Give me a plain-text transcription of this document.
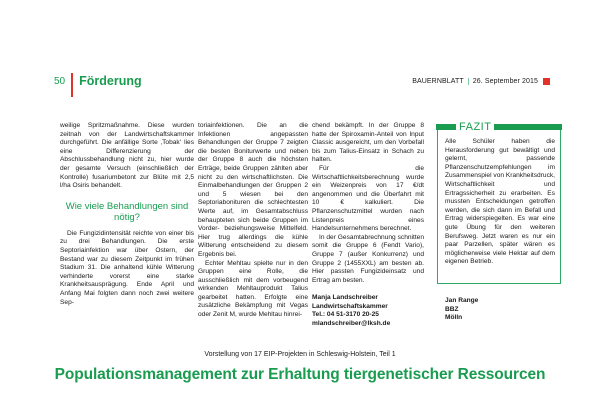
50 Förderung	BAUERNBLATT 26. September 2015

weilige Spritzmaßnahme. Diese wurden zeitnah von der Landwirtschaftskammer durchgeführt. Die anfällige Sorte ‚Tobak‘ lies eine Differenzierung der Abschlussbehandlung nicht zu, hier wurde der gesamte Versuch (einschließlich der Kontrolle) fusariumbetont zur Blüte mit 2,5 l/ha Osiris behandelt.

Wie viele Behandlungen sind nötig?

Die Fungizidintensität reichte von einer bis zu drei Behandlungen. Die erste Septoriainfektion war über Ostern, der Bestand war zu diesem Zeitpunkt im frühen Stadium 31. Die anhaltend kühle Witterung verhinderte vorerst eine starke Krankheitsausprägung. Ende April und Anfang Mai folgten dann noch zwei weitere Sep-

toriainfektionen. Die an die Infektionen angepassten Behandlungen der Gruppe 7 zeigten die besten Boniturwerte und neben der Gruppe 8 auch die höchsten Erträge, beide Gruppen zählten aber nicht zu den wirtschaftlichsten. Die Einmalbehandlungen der Gruppen 2 und 5 wiesen bei den Septoriabonituren die schlechtesten Werte auf, im Gesamtabschluss behaupteten sich beide Gruppen im Vorder- beziehungsweise Mittelfeld. Hier trug allerdings die kühle Witterung entscheidend zu diesem Ergebnis bei.

Echter Mehltau spielte nur in den Gruppen eine Rolle, die ausschließlich mit dem vorbeugend wirkenden Mehltauprodukt Talius gearbeitet hatten. Erfolgte eine zusätzliche Bekämpfung mit Vegas oder Zenit M, wurde Mehltau hinrei-

chend bekämpft. In der Gruppe 8 hatte der Spiroxamin-Anteil von Input Classic ausgereicht, um den Vorbefall bis zum Talius-Einsatz in Schach zu halten.

Für die Wirtschaftlichkeitsberechnung wurde ein Weizenpreis von 17 €/dt angenommen und die Überfahrt mit 10 € kalkuliert. Die Pflanzenschutzmittel wurden nach Listenpreis eines Handelsunternehmens berechnet.

In der Gesamtabrechnung schnitten somit die Gruppe 6 (Fendt Vario), Gruppe 7 (außer Konkurrenz) und Gruppe 2 (1455XXL) am besten ab. Hier passten Fungizideinsatz und Ertrag am besten.

Manja Landschreiber
Landwirtschaftskammer
Tel.: 04 51-3170 20-25
mlandschreiber@lksh.de
FAZIT
Alle Schüler haben die Herausforderung gut bewältigt und gelernt, passende Pflanzenschutzempfehlungen im Zusammenspiel von Krankheitsdruck, Wirtschaftlichkeit und Ertragssicherheit zu erarbeiten. Es mussten Entscheidungen getroffen werden, die sich dann im Befall und Ertrag widerspiegelten. Es war eine gute Übung für den weiteren Berufsweg. Jetzt waren es nur ein paar Parzellen, später wären es möglicherweise viele Hektar auf dem eigenen Betrieb.
Jan Range
BBZ
Mölln
Vorstellung von 17 EIP-Projekten in Schleswig-Holstein, Teil 1
Populationsmanagement zur Erhaltung tiergenetischer Ressourcen
